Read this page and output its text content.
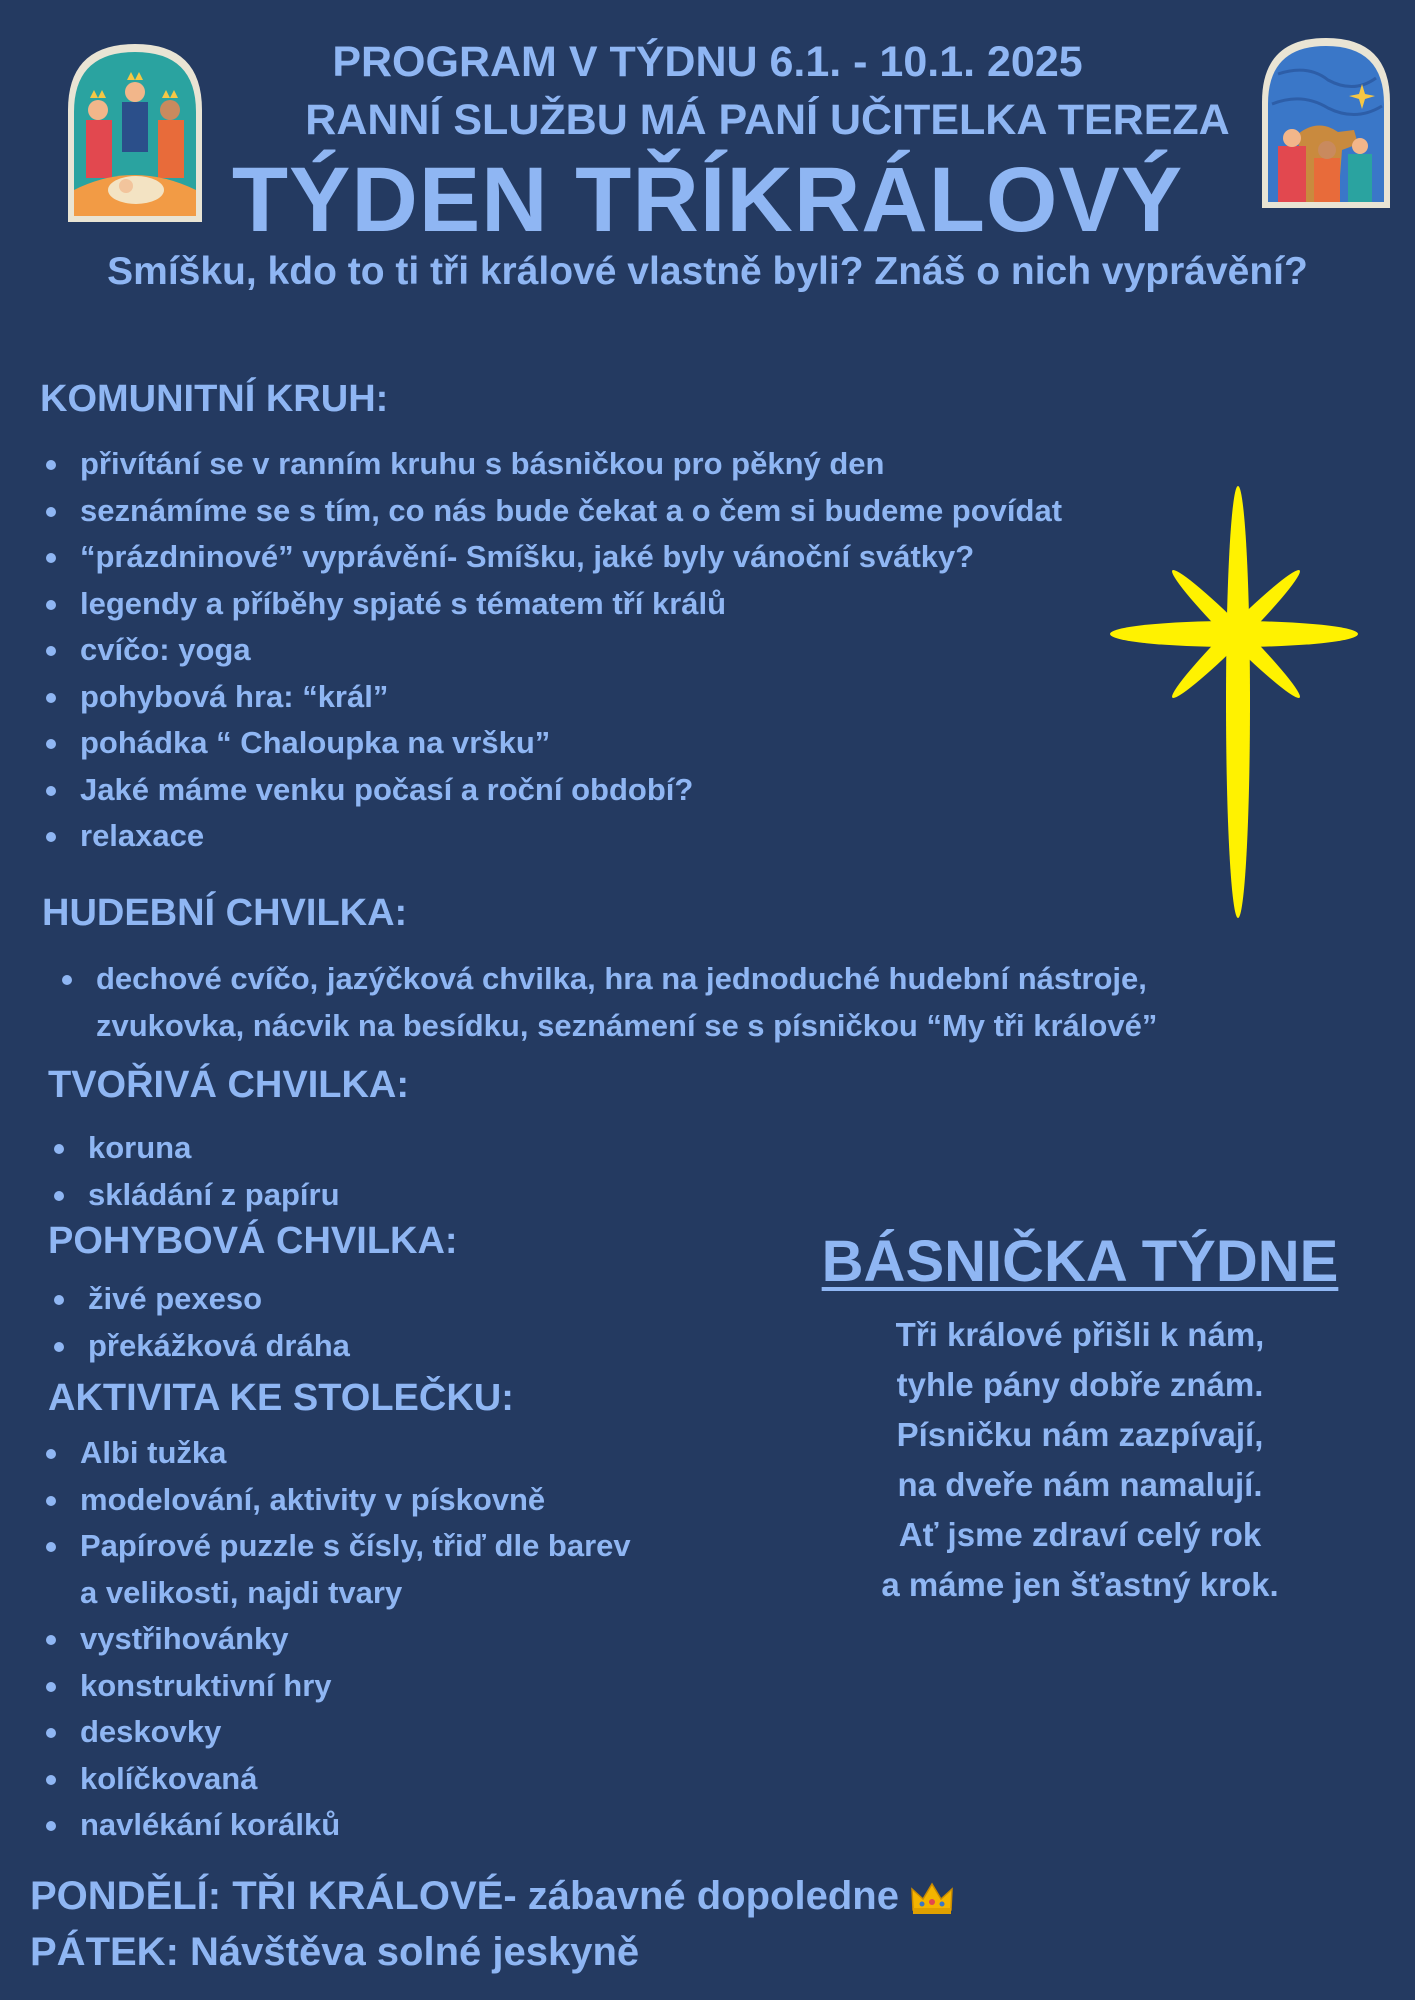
PROGRAM V TÝDNU 6.1. - 10.1. 2025
RANNÍ SLUŽBU MÁ PANÍ UČITELKA TEREZA
TÝDEN TŘÍKRÁLOVÝ
Smíšku, kdo to ti tři králové vlastně byli? Znáš o nich vyprávění?
KOMUNITNÍ KRUH:
přivítání se v ranním kruhu s básničkou pro pěkný den
seznámíme se s tím, co nás bude čekat a o čem si budeme povídat
“prázdninové” vyprávění- Smíšku, jaké byly vánoční svátky?
legendy a příběhy spjaté s tématem tří králů
cvíčo: yoga
pohybová hra: “král”
pohádka “ Chaloupka na vršku”
Jaké máme venku počasí a roční období?
relaxace
HUDEBNÍ CHVILKA:
dechové cvíčo, jazýčková chvilka, hra na jednoduché hudební nástroje,
zvukovka, nácvik na besídku, seznámení se s písničkou “My tři králové”
TVOŘIVÁ CHVILKA:
koruna
skládání z papíru
POHYBOVÁ CHVILKA:
živé pexeso
překážková dráha
AKTIVITA KE STOLEČKU:
Albi tužka
modelování, aktivity v pískovně
Papírové puzzle s čísly, třiď dle barev
a velikosti, najdi tvary
vystřihovánky
konstruktivní hry
deskovky
kolíčkovaná
navlékání korálků
BÁSNIČKA TÝDNE
Tři králové přišli k nám,
tyhle pány dobře znám.
Písničku nám zazpívají,
na dveře nám namalují.
Ať jsme zdraví celý rok
a máme jen šťastný krok.
PONDĚLÍ: TŘI KRÁLOVÉ- zábavné dopoledne
PÁTEK: Návštěva solné jeskyně
